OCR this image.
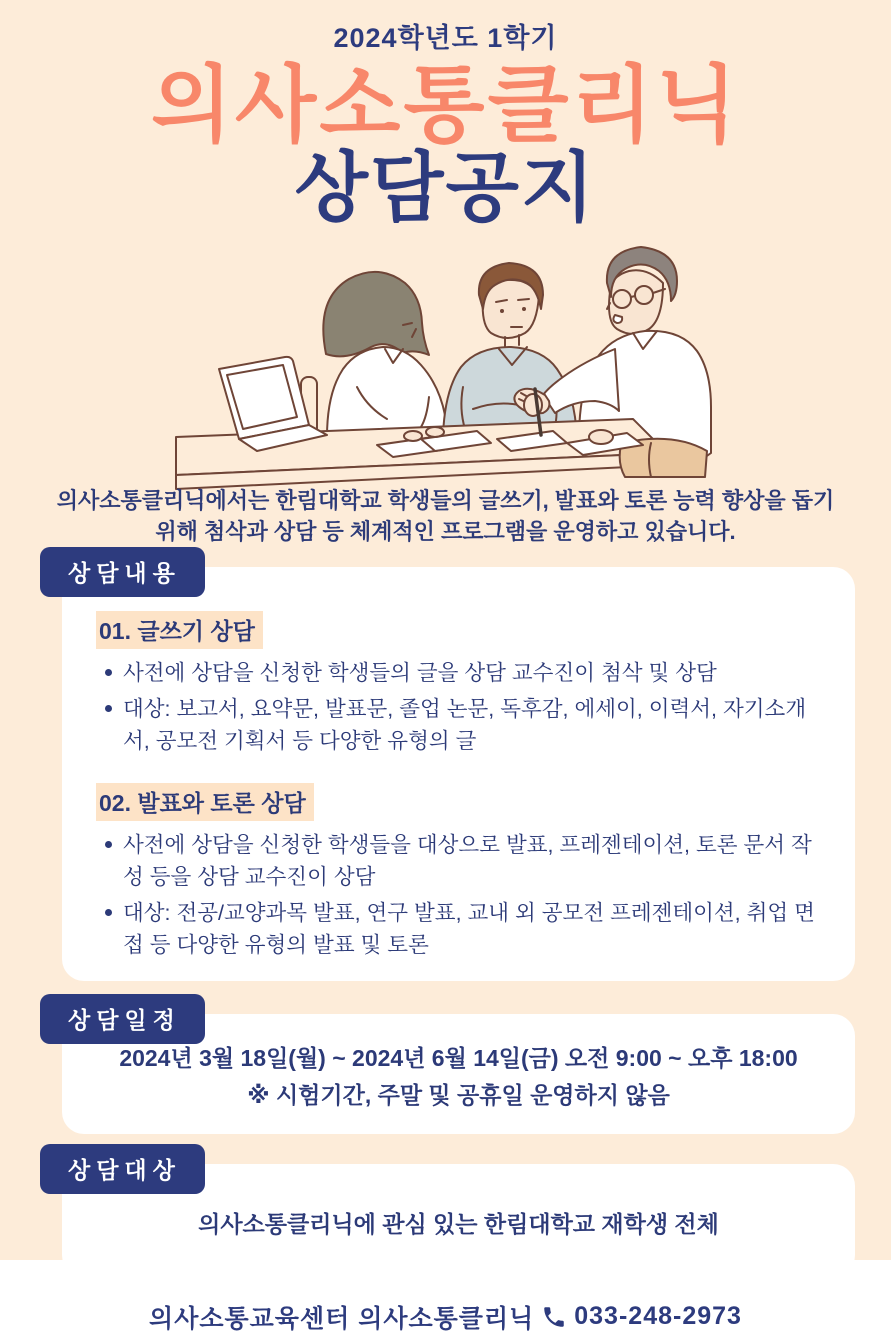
2024학년도 1학기
의사소통클리닉
상담공지

의사소통클리닉에서는 한림대학교 학생들의 글쓰기, 발표와 토론 능력 향상을 돕기
위해 첨삭과 상담 등 체계적인 프로그램을 운영하고 있습니다.

상담내용
01. 글쓰기 상담
사전에 상담을 신청한 학생들의 글을 상담 교수진이 첨삭 및 상담
대상: 보고서, 요약문, 발표문, 졸업 논문, 독후감, 에세이, 이력서, 자기소개서, 공모전 기획서 등 다양한 유형의 글
02. 발표와 토론 상담
사전에 상담을 신청한 학생들을 대상으로 발표, 프레젠테이션, 토론 문서 작성 등을 상담 교수진이 상담
대상: 전공/교양과목 발표, 연구 발표, 교내 외 공모전 프레젠테이션, 취업 면접 등 다양한 유형의 발표 및 토론
상담일정
2024년 3월 18일(월) ~ 2024년 6월 14일(금) 오전 9:00 ~ 오후 18:00
※ 시험기간, 주말 및 공휴일 운영하지 않음
상담대상
의사소통클리닉에 관심 있는 한림대학교 재학생 전체
의사소통교육센터 의사소통클리닉 033-248-2973
